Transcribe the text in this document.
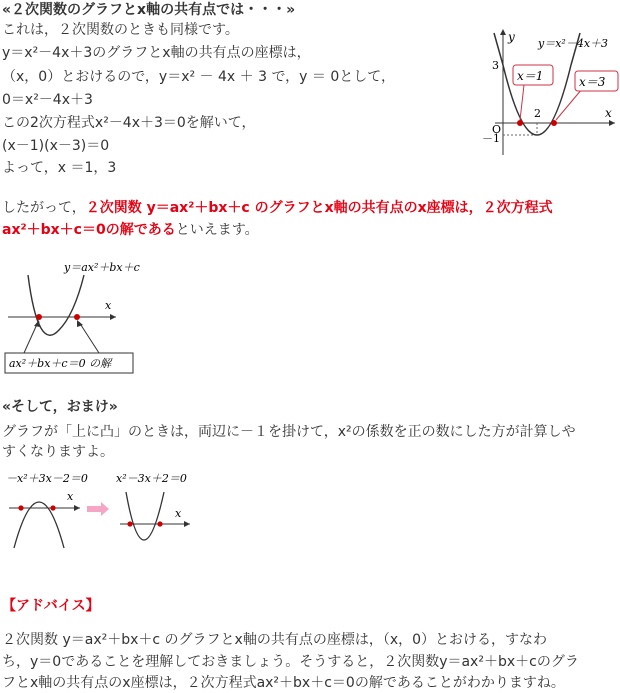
«２次関数のグラフとx軸の共有点では・・・»
これは，２次関数のときも同様です。
y＝x²－4x＋3のグラフとx軸の共有点の座標は，
（x，0）とおけるので，y＝x² － 4x ＋ 3 で，y ＝ 0として，
0＝x²－4x＋3
この2次方程式x²－4x＋3＝0を解いて，
(x－1)(x－3)＝0
よって，x ＝1，3
x＝1	x＝3
y＝x²－4x＋3
y
x
3
2
O
－1
したがって，２次関数 y＝ax²＋bx＋c のグラフとx軸の共有点のx座標は，２次方程式
ax²＋bx＋c＝0の解であるといえます。
y＝ax²＋bx＋c
x
ax²＋bx＋c＝0 の解
«そして，おまけ»
グラフが「上に凸」のときは，両辺に－１を掛けて，x²の係数を正の数にした方が計算しや
すくなりますよ。
－x²＋3x－2＝0	x²－3x＋2＝0
x
x
【アドバイス】
２次関数 y＝ax²＋bx＋c のグラフとx軸の共有点の座標は，（x，0）とおける，すなわ
ち，y＝0であることを理解しておきましょう。そうすると，２次関数y＝ax²＋bx＋cのグラ
フとx軸の共有点のx座標は，２次方程式ax²＋bx＋c＝0の解であることがわかりますね。
